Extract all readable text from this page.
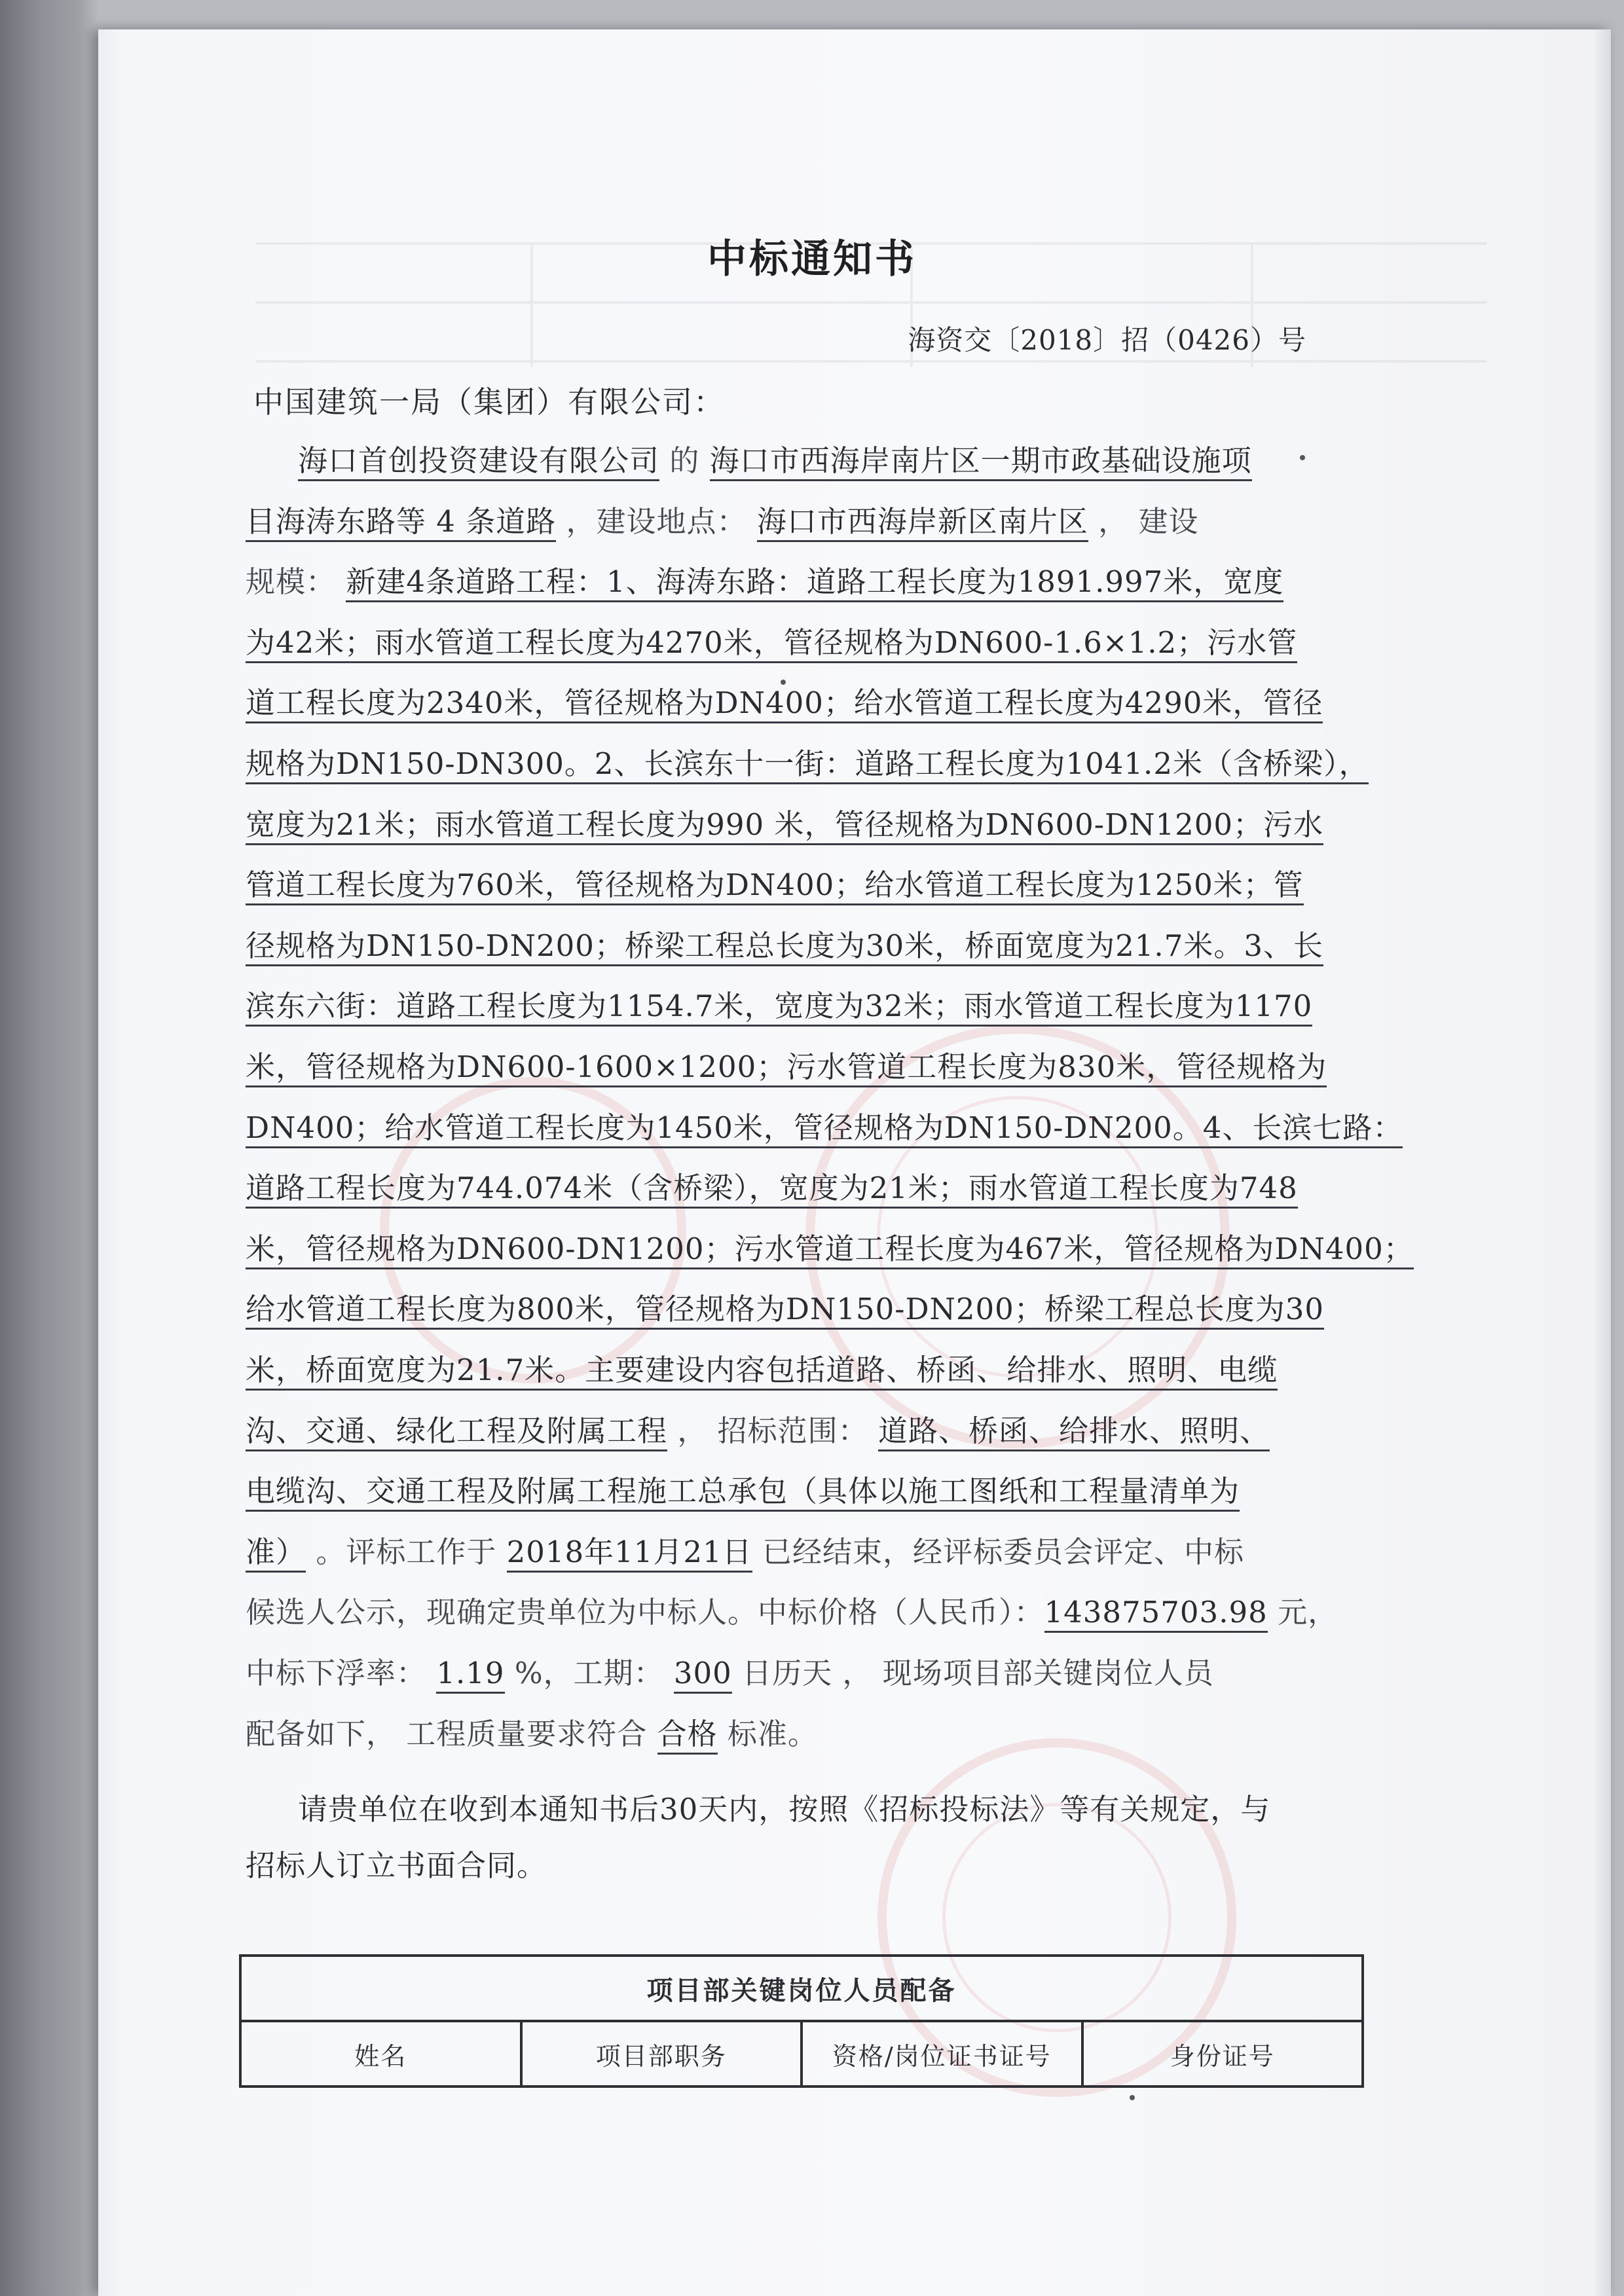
中标通知书
海资交〔2018〕招（0426）号
中国建筑一局（集团）有限公司：
海口首创投资建设有限公司 的 海口市西海岸南片区一期市政基础设施项
目海涛东路等 4 条道路 ，建设地点： 海口市西海岸新区南片区 ， 建设
规模： 新建4条道路工程：1、海涛东路：道路工程长度为1891.997米，宽度
为42米；雨水管道工程长度为4270米，管径规格为DN600-1.6×1.2；污水管
道工程长度为2340米，管径规格为DN400；给水管道工程长度为4290米，管径
规格为DN150-DN300。2、长滨东十一街：道路工程长度为1041.2米（含桥梁），
宽度为21米；雨水管道工程长度为990 米，管径规格为DN600-DN1200；污水
管道工程长度为760米，管径规格为DN400；给水管道工程长度为1250米；管
径规格为DN150-DN200；桥梁工程总长度为30米，桥面宽度为21.7米。3、长
滨东六街：道路工程长度为1154.7米，宽度为32米；雨水管道工程长度为1170
米，管径规格为DN600-1600×1200；污水管道工程长度为830米，管径规格为
DN400；给水管道工程长度为1450米，管径规格为DN150-DN200。4、长滨七路：
道路工程长度为744.074米（含桥梁），宽度为21米；雨水管道工程长度为748
米，管径规格为DN600-DN1200；污水管道工程长度为467米，管径规格为DN400；
给水管道工程长度为800米，管径规格为DN150-DN200；桥梁工程总长度为30
米，桥面宽度为21.7米。主要建设内容包括道路、桥函、给排水、照明、电缆
沟、交通、绿化工程及附属工程 ， 招标范围： 道路、桥函、给排水、照明、
电缆沟、交通工程及附属工程施工总承包（具体以施工图纸和工程量清单为
准） 。评标工作于 2018年11月21日 已经结束，经评标委员会评定、中标
候选人公示，现确定贵单位为中标人。中标价格（人民币）：143875703.98 元，
中标下浮率： 1.19 %，工期： 300 日历天 ， 现场项目部关键岗位人员
配备如下， 工程质量要求符合 合格 标准。
请贵单位在收到本通知书后30天内，按照《招标投标法》等有关规定，与
招标人订立书面合同。
项目部关键岗位人员配备
姓名	项目部职务	资格/岗位证书证号	身份证号
